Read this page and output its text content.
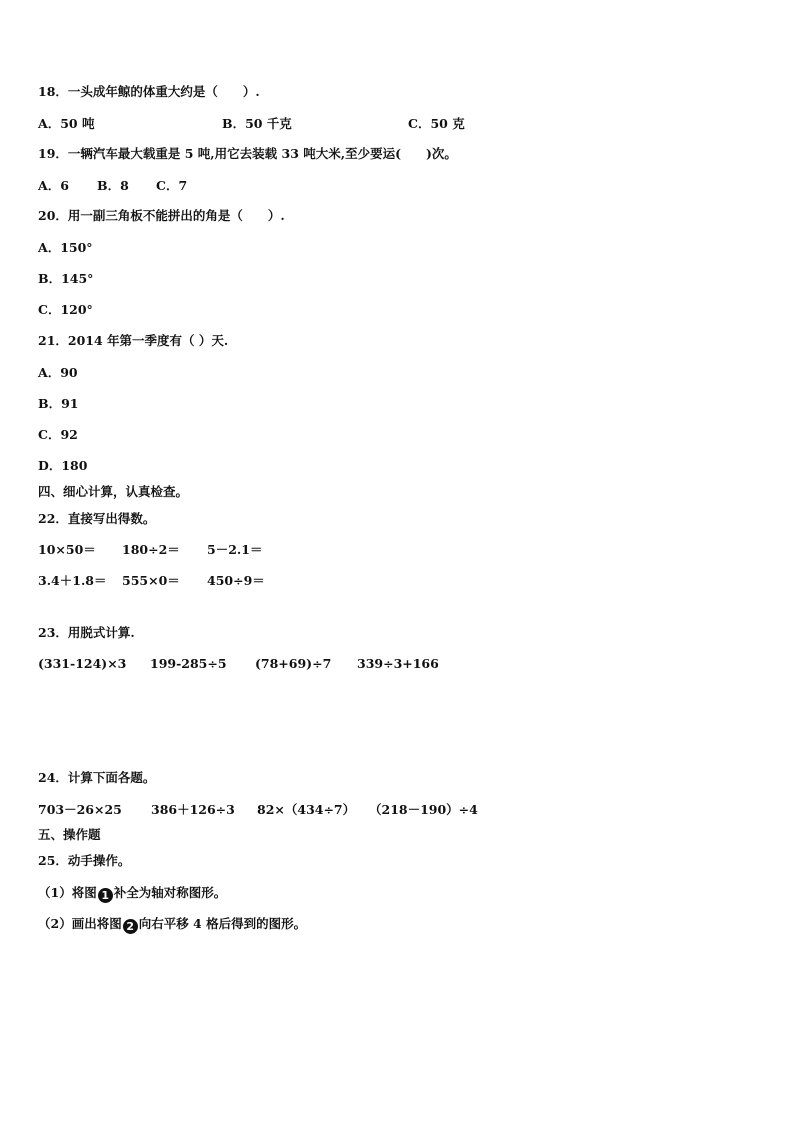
18．一头成年鲸的体重大约是（　　）.
A．50 吨	B．50 千克	C．50 克
19．一辆汽车最大载重是 5 吨,用它去装载 33 吨大米,至少要运(　　)次。
A．6 B．8 C．7
20．用一副三角板不能拼出的角是（　　）.
A．150°
B．145°
C．120°
21．2014 年第一季度有（ ）天.
A．90
B．91
C．92
D．180
四、细心计算，认真检查。
22．直接写出得数。
10×50＝ 180÷2＝ 5－2.1＝
3.4＋1.8＝ 555×0＝ 450÷9＝
23．用脱式计算.
(331-124)×3 199-285÷5 (78+69)÷7 339÷3+166
24．计算下面各题。
703－26×25 386＋126÷3 82×（434÷7） （218－190）÷4
五、操作题
25．动手操作。
（1）将图 1 补全为轴对称图形。
（2）画出将图 2 向右平移 4 格后得到的图形。
